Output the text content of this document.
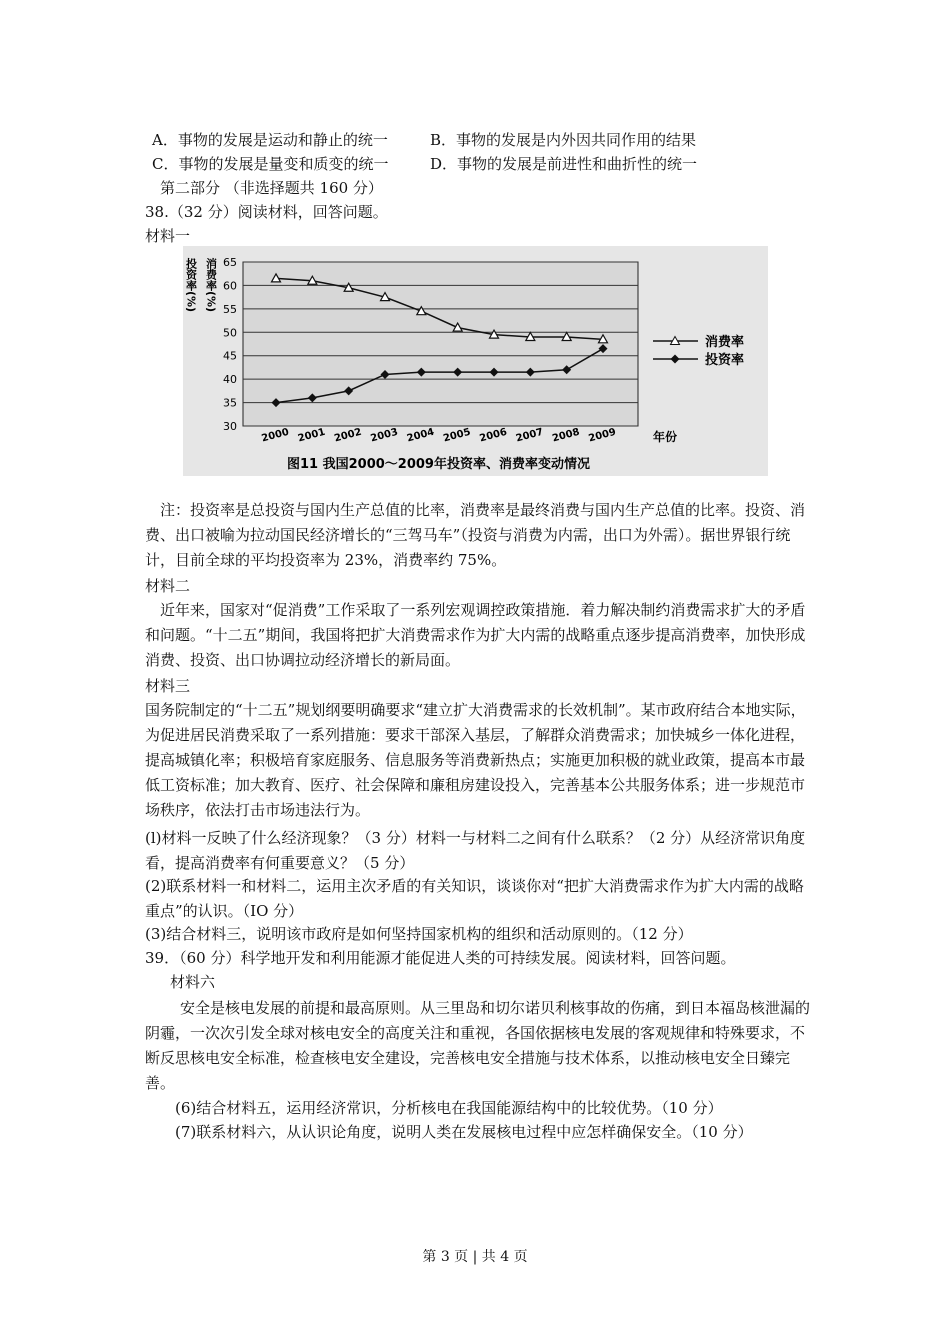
A．事物的发展是运动和静止的统一	B．事物的发展是内外因共同作用的结果
C．事物的发展是量变和质变的统一	D．事物的发展是前进性和曲折性的统一
第二部分 （非选择题共 160 分）
38.（32 分）阅读材料，回答问题。
材料一
65
60
55
50
45
40
35
30
2000 2001 2002 2003 2004 2005 2006 2007 2008 2009
投资率(%) 消费率(%)
年份
消费率
投资率
图11 我国2000～2009年投资率、消费率变动情况

注：投资率是总投资与国内生产总值的比率，消费率是最终消费与国内生产总值的比率。投资、消费、出口被喻为拉动国民经济增长的“三驾马车”（投资与消费为内需，出口为外需）。据世界银行统计，目前全球的平均投资率为 23%，消费率约 75%。

材料二

近年来，国家对“促消费”工作采取了一系列宏观调控政策措施．着力解决制约消费需求扩大的矛盾和问题。“十二五”期间，我国将把扩大消费需求作为扩大内需的战略重点逐步提高消费率，加快形成消费、投资、出口协调拉动经济增长的新局面。

材料三

国务院制定的“十二五”规划纲要明确要求“建立扩大消费需求的长效机制”。某市政府结合本地实际，为促进居民消费采取了一系列措施：要求干部深入基层，了解群众消费需求；加快城乡一体化进程，提高城镇化率；积极培育家庭服务、信息服务等消费新热点；实施更加积极的就业政策，提高本市最低工资标准；加大教育、医疗、社会保障和廉租房建设投入，完善基本公共服务体系；进一步规范市场秩序，依法打击市场违法行为。

(l)材料一反映了什么经济现象？（3 分）材料一与材料二之间有什么联系？（2 分）从经济常识角度看，提高消费率有何重要意义？（5 分）

(2)联系材料一和材料二，运用主次矛盾的有关知识，谈谈你对“把扩大消费需求作为扩大内需的战略重点”的认识。（IO 分）

(3)结合材料三，说明该市政府是如何坚持国家机构的组织和活动原则的。（12 分）

39．（60 分）科学地开发和利用能源才能促进人类的可持续发展。阅读材料，回答问题。
材料六

安全是核电发展的前提和最高原则。从三里岛和切尔诺贝利核事故的伤痛，到日本福岛核泄漏的阴霾，一次次引发全球对核电安全的高度关注和重视，各国依据核电发展的客观规律和特殊要求，不断反思核电安全标准，检查核电安全建设，完善核电安全措施与技术体系，以推动核电安全日臻完善。

(6)结合材料五，运用经济常识，分析核电在我国能源结构中的比较优势。（10 分）

(7)联系材料六，从认识论角度，说明人类在发展核电过程中应怎样确保安全。（10 分）

第 3 页 | 共 4 页
